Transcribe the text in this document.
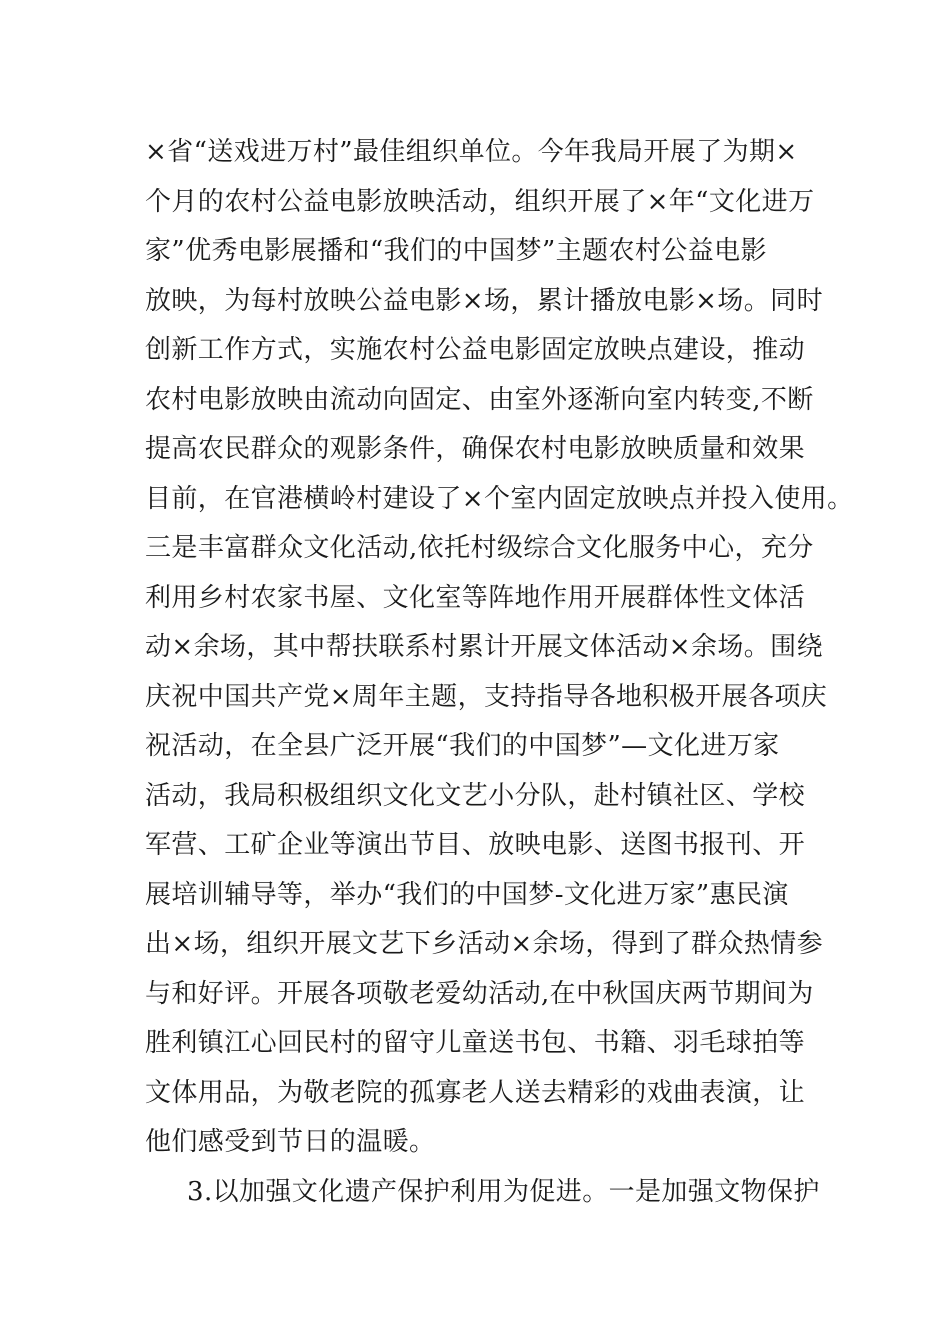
×省“送戏进万村”最佳组织单位。今年我局开展了为期×
个月的农村公益电影放映活动，组织开展了×年“文化进万
家”优秀电影展播和“我们的中国梦”主题农村公益电影
放映，为每村放映公益电影×场，累计播放电影×场。同时
创新工作方式，实施农村公益电影固定放映点建设，推动
农村电影放映由流动向固定、由室外逐渐向室内转变,不断
提高农民群众的观影条件，确保农村电影放映质量和效果
目前，在官港横岭村建设了×个室内固定放映点并投入使用。
三是丰富群众文化活动,依托村级综合文化服务中心，充分
利用乡村农家书屋、文化室等阵地作用开展群体性文体活
动×余场，其中帮扶联系村累计开展文体活动×余场。围绕
庆祝中国共产党×周年主题，支持指导各地积极开展各项庆
祝活动，在全县广泛开展“我们的中国梦”—文化进万家
活动，我局积极组织文化文艺小分队，赴村镇社区、学校
军营、工矿企业等演出节目、放映电影、送图书报刊、开
展培训辅导等，举办“我们的中国梦-文化进万家”惠民演
出×场，组织开展文艺下乡活动×余场，得到了群众热情参
与和好评。开展各项敬老爱幼活动,在中秋国庆两节期间为
胜利镇江心回民村的留守儿童送书包、书籍、羽毛球拍等
文体用品，为敬老院的孤寡老人送去精彩的戏曲表演，让
他们感受到节日的温暖。
3.以加强文化遗产保护利用为促进。一是加强文物保护
